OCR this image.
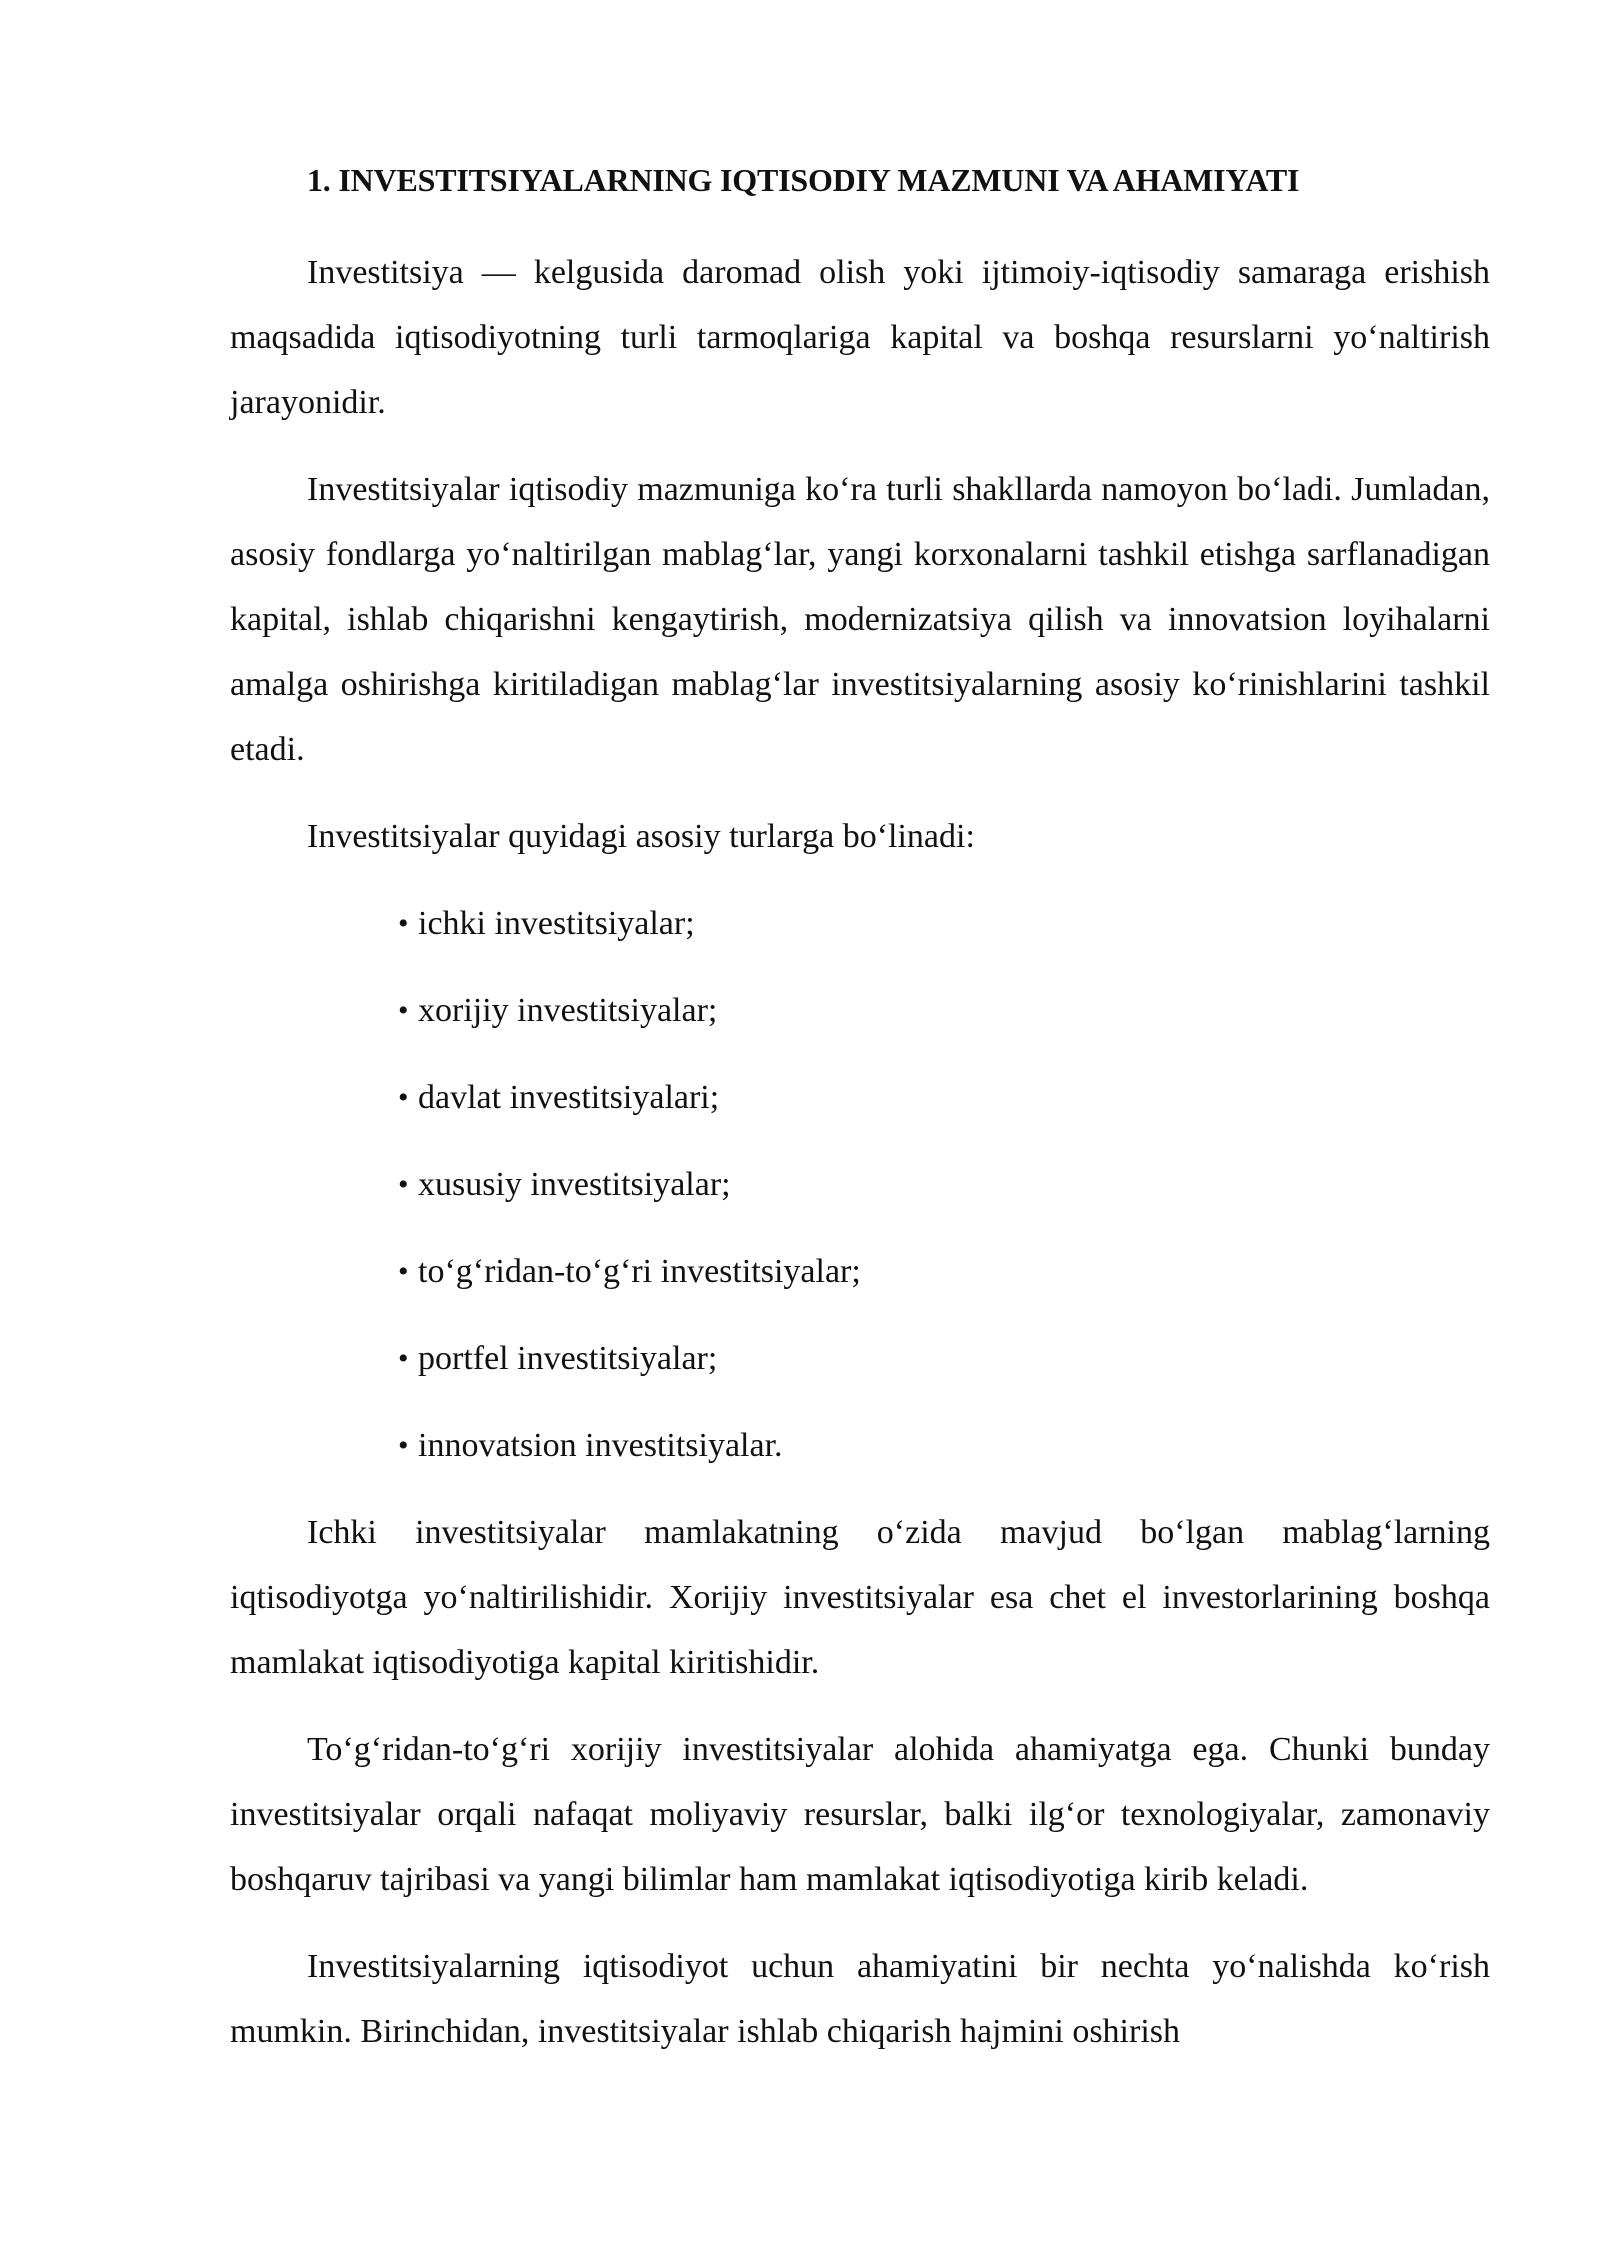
1. INVESTITSIYALARNING IQTISODIY MAZMUNI VA AHAMIYATI

Investitsiya — kelgusida daromad olish yoki ijtimoiy-iqtisodiy samaraga erishish maqsadida iqtisodiyotning turli tarmoqlariga kapital va boshqa resurslarni yo‘naltirish jarayonidir.

Investitsiyalar iqtisodiy mazmuniga ko‘ra turli shakllarda namoyon bo‘ladi. Jumladan, asosiy fondlarga yo‘naltirilgan mablag‘lar, yangi korxonalarni tashkil etishga sarflanadigan kapital, ishlab chiqarishni kengaytirish, modernizatsiya qilish va innovatsion loyihalarni amalga oshirishga kiritiladigan mablag‘lar investitsiyalarning asosiy ko‘rinishlarini tashkil etadi.

Investitsiyalar quyidagi asosiy turlarga bo‘linadi:

• ichki investitsiyalar;
• xorijiy investitsiyalar;
• davlat investitsiyalari;
• xususiy investitsiyalar;
• to‘g‘ridan-to‘g‘ri investitsiyalar;
• portfel investitsiyalar;
• innovatsion investitsiyalar.

Ichki investitsiyalar mamlakatning o‘zida mavjud bo‘lgan mablag‘larning iqtisodiyotga yo‘naltirilishidir. Xorijiy investitsiyalar esa chet el investorlarining boshqa mamlakat iqtisodiyotiga kapital kiritishidir.

To‘g‘ridan-to‘g‘ri xorijiy investitsiyalar alohida ahamiyatga ega. Chunki bunday investitsiyalar orqali nafaqat moliyaviy resurslar, balki ilg‘or texnologiyalar, zamonaviy boshqaruv tajribasi va yangi bilimlar ham mamlakat iqtisodiyotiga kirib keladi.

Investitsiyalarning iqtisodiyot uchun ahamiyatini bir nechta yo‘nalishda ko‘rish mumkin. Birinchidan, investitsiyalar ishlab chiqarish hajmini oshirish
